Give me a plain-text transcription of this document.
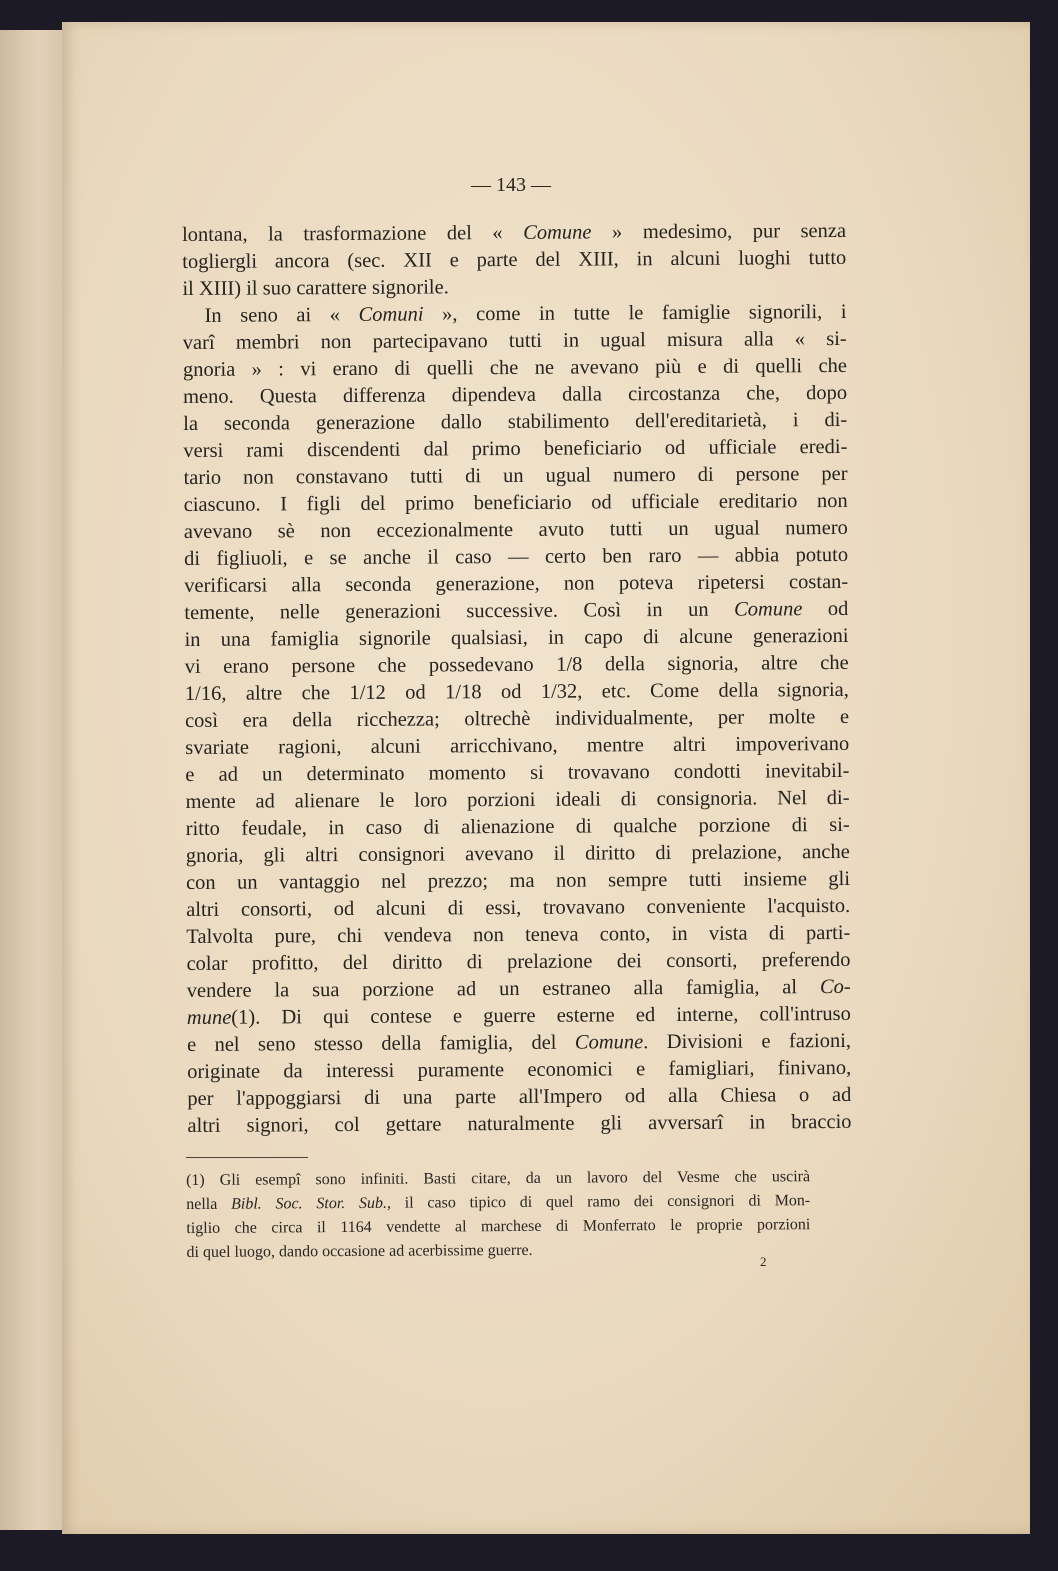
— 143 —
lontana, la trasformazione del « Comune » medesimo, pur senza
togliergli ancora (sec. XII e parte del XIII, in alcuni luoghi tutto
il XIII) il suo carattere signorile.
In seno ai « Comuni », come in tutte le famiglie signorili, i
varî membri non partecipavano tutti in ugual misura alla « si-
gnoria » : vi erano di quelli che ne avevano più e di quelli che
meno. Questa differenza dipendeva dalla circostanza che, dopo
la seconda generazione dallo stabilimento dell'ereditarietà, i di-
versi rami discendenti dal primo beneficiario od ufficiale eredi-
tario non constavano tutti di un ugual numero di persone per
ciascuno. I figli del primo beneficiario od ufficiale ereditario non
avevano sè non eccezionalmente avuto tutti un ugual numero
di figliuoli, e se anche il caso — certo ben raro — abbia potuto
verificarsi alla seconda generazione, non poteva ripetersi costan-
temente, nelle generazioni successive. Così in un Comune od
in una famiglia signorile qualsiasi, in capo di alcune generazioni
vi erano persone che possedevano 1/8 della signoria, altre che
1/16, altre che 1/12 od 1/18 od 1/32, etc. Come della signoria,
così era della ricchezza; oltrechè individualmente, per molte e
svariate ragioni, alcuni arricchivano, mentre altri impoverivano
e ad un determinato momento si trovavano condotti inevitabil-
mente ad alienare le loro porzioni ideali di consignoria. Nel di-
ritto feudale, in caso di alienazione di qualche porzione di si-
gnoria, gli altri consignori avevano il diritto di prelazione, anche
con un vantaggio nel prezzo; ma non sempre tutti insieme gli
altri consorti, od alcuni di essi, trovavano conveniente l'acquisto.
Talvolta pure, chi vendeva non teneva conto, in vista di parti-
colar profitto, del diritto di prelazione dei consorti, preferendo
vendere la sua porzione ad un estraneo alla famiglia, al Co-
mune(1). Di qui contese e guerre esterne ed interne, coll'intruso
e nel seno stesso della famiglia, del Comune. Divisioni e fazioni,
originate da interessi puramente economici e famigliari, finivano,
per l'appoggiarsi di una parte all'Impero od alla Chiesa o ad
altri signori, col gettare naturalmente gli avversarî in braccio
(1) Gli esempî sono infiniti. Basti citare, da un lavoro del Vesme che uscirà
nella Bibl. Soc. Stor. Sub., il caso tipico di quel ramo dei consignori di Mon-
tiglio che circa il 1164 vendette al marchese di Monferrato le proprie porzioni
di quel luogo, dando occasione ad acerbissime guerre.
2
